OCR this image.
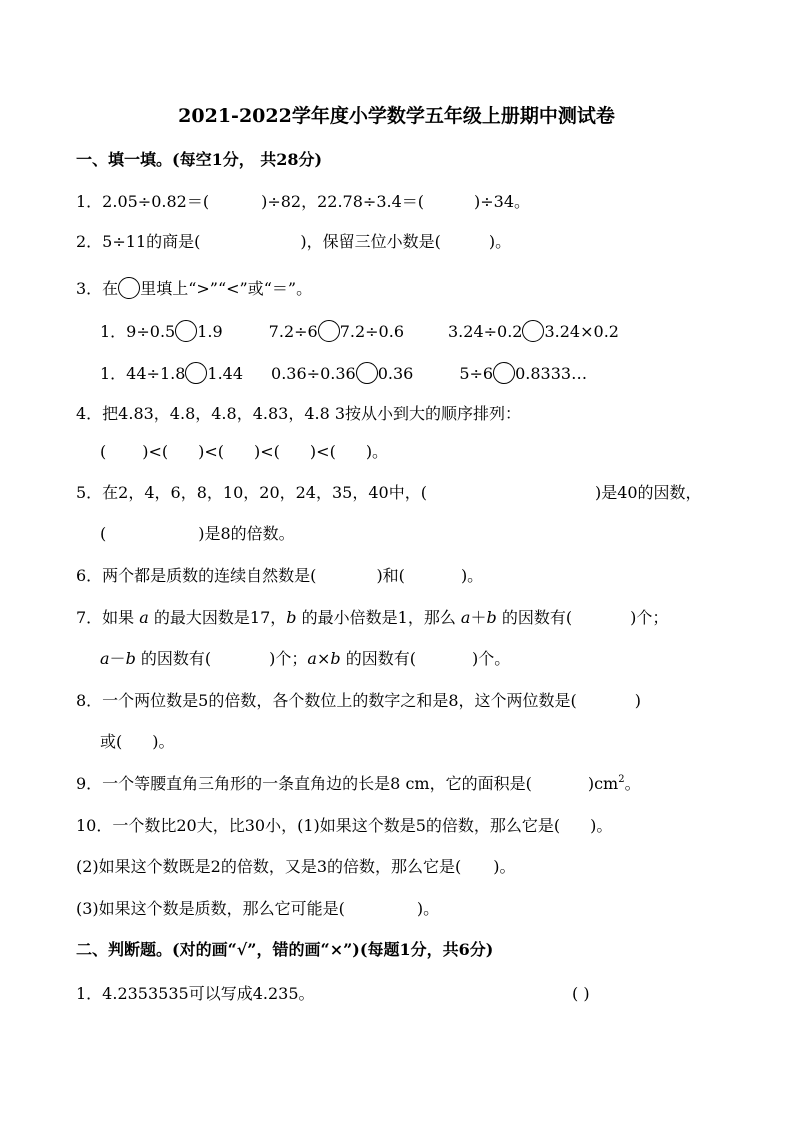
2021-2022学年度小学数学五年级上册期中测试卷
一、填一填。(每空1分， 共28分)
1．2.05÷0.82＝(	)÷82，22.78÷3.4＝(	)÷34。
2．5÷11的商是(	)，保留三位小数是(	)。
3．在 里填上“>”“<”或“＝”。
1．9÷0.5 1.9	7.2÷6 7.2÷0.6	3.24÷0.2 3.24×0.2
1．44÷1.8 1.44 0.36÷0.36 0.36	5÷6 0.8333…
4．把4.83，4.8，4.8，4.83，4.8 3按从小到大的顺序排列：
( )<( )<( )<( )<( )。
5．在2，4，6，8，10，20，24，35，40中，(	)是40的因数，
(	)是8的倍数。
6．两个都是质数的连续自然数是(	)和(	)。
7．如果 a 的最大因数是17，b 的最小倍数是1，那么 a＋b 的因数有(	)个；
a－b 的因数有(	)个；a×b 的因数有(	)个。
8．一个两位数是5的倍数，各个数位上的数字之和是8，这个两位数是(	)
或( )。
9．一个等腰直角三角形的一条直角边的长是8 cm，它的面积是(	)$cm^2$。
10．一个数比20大，比30小，(1)如果这个数是5的倍数，那么它是( )。
(2)如果这个数既是2的倍数，又是3的倍数，那么它是( )。
(3)如果这个数是质数，那么它可能是(	)。
二、判断题。(对的画“√”，错的画“×”)(每题1分，共6分)
1．4.2353535可以写成4.235。	( )
